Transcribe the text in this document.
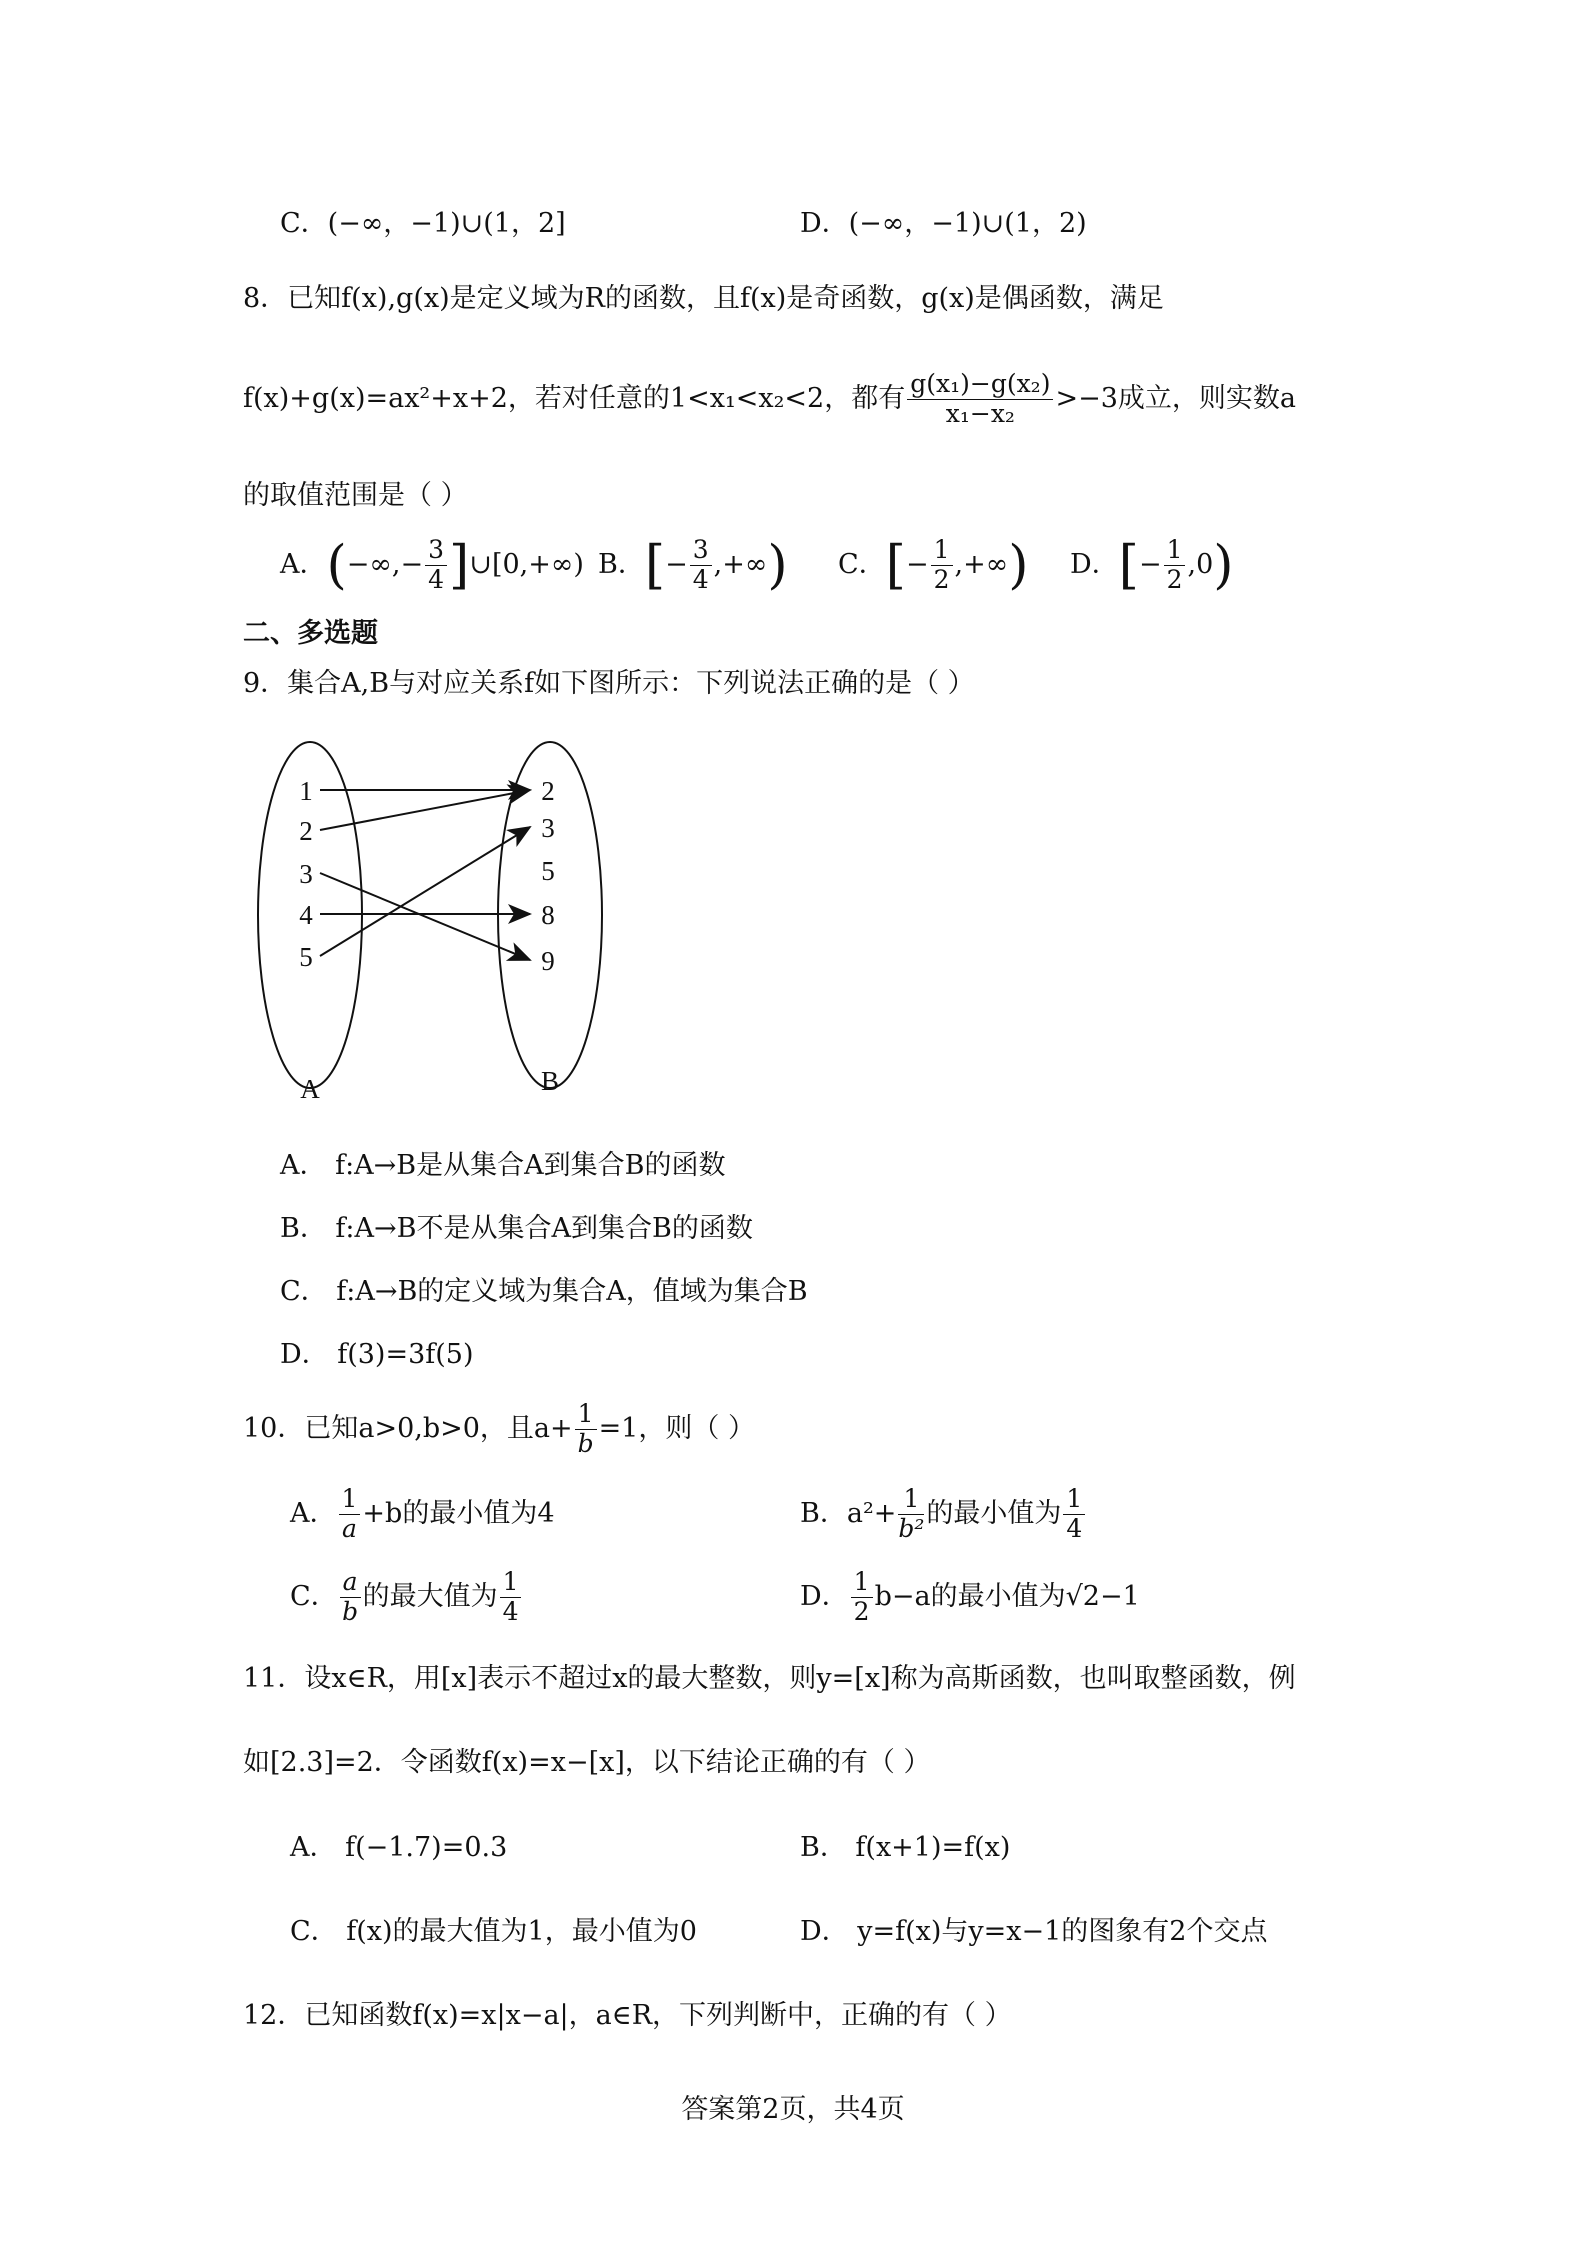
C．(−∞，−1)∪(1，2]	D．(−∞，−1)∪(1，2)
8．已知f(x),g(x)是定义域为R的函数，且f(x)是奇函数，g(x)是偶函数，满足
f(x)+g(x)=ax²+x+2，若对任意的1<x₁<x₂<2，都有 $\frac{\text{g(x₁)−g(x₂)}}{\text{x₁−x₂}} >-3$成立，则实数a
的取值范围是（ ）
A．(−∞,− $\frac{3}{4}$ ]∪[0,+∞) B．[− $\frac{3}{4}$ ,+∞) C．[− $\frac{1}{2}$ ,+∞) D．[− $\frac{1}{2} ,0$)
二、多选题
9．集合A,B与对应关系f如下图所示：下列说法正确的是（ ）
1
2
3
4
5
2
3
5
8
9
A	B
A． f:A→B是从集合A到集合B的函数
B． f:A→B不是从集合A到集合B的函数
C． f:A→B的定义域为集合A，值域为集合B
D． f(3)=3f(5)
10．已知a>0,b>0，且$a+ \frac{1}{b} =1$，则（ ）
A． $\frac{1}{a} +b$的最小值为4	B．$a^2+ \frac{1}{\text{b²}}$ 的最小值为 $\frac{1}{4}$
C． $\frac{a}{b}$ 的最大值为 $\frac{1}{4}$	D． $\frac{1}{2} b-a$的最小值为√2−1
11．设x∈R，用[x]表示不超过x的最大整数，则y=[x]称为高斯函数，也叫取整函数，例
如[2.3]=2．令函数f(x)=x−[x]，以下结论正确的有（ ）
A． f(−1.7)=0.3	B． f(x+1)=f(x)
C． f(x)的最大值为1，最小值为0	D． y=f(x)与y=x−1的图象有2个交点
12．已知函数f(x)=x|x−a|，a∈R，下列判断中，正确的有（ ）
答案第2页，共4页
